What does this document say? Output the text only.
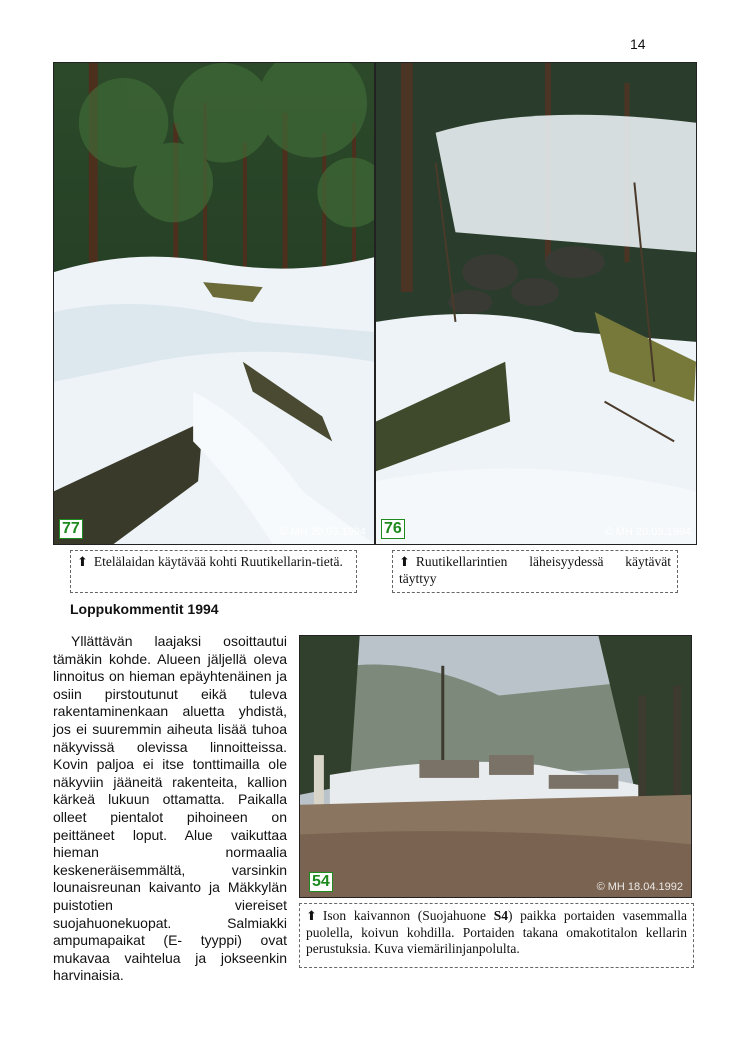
14
77	© MH 20.03.1994 76	© MH 20.03.1994
⬆ Etelälaidan käytävää kohti Ruutikellarin-tietä.	⬆ Ruutikellarintien läheisyydessä käytävät täyttyy
Loppukommentit 1994

Yllättävän laajaksi osoittautui tämäkin kohde. Alueen jäljellä oleva linnoitus on hieman epäyhtenäinen ja osiin pirstoutunut eikä tuleva rakentaminenkaan aluetta yhdistä, jos ei suuremmin aiheuta lisää tuhoa näkyvissä olevissa linnoitteissa. Kovin paljoa ei itse tonttimailla ole näkyviin jääneitä rakenteita, kallion kärkeä lukuun ottamatta. Paikalla olleet pientalot pihoineen on peittäneet loput. Alue vaikuttaa hieman normaalia keskeneräisemmältä, varsinkin lounaisreunan kaivanto ja Mäkkylän puistotien viereiset suojahuonekuopat. Salmiakki ampumapaikat (E- tyyppi) ovat mukavaa vaihtelua ja jokseenkin harvinaisia.

54	© MH 18.04.1992
⬆ Ison kaivannon (Suojahuone S4) paikka portaiden vasemmalla puolella, koivun kohdilla. Portaiden takana omakotitalon kellarin perustuksia. Kuva viemärilinjanpolulta.
